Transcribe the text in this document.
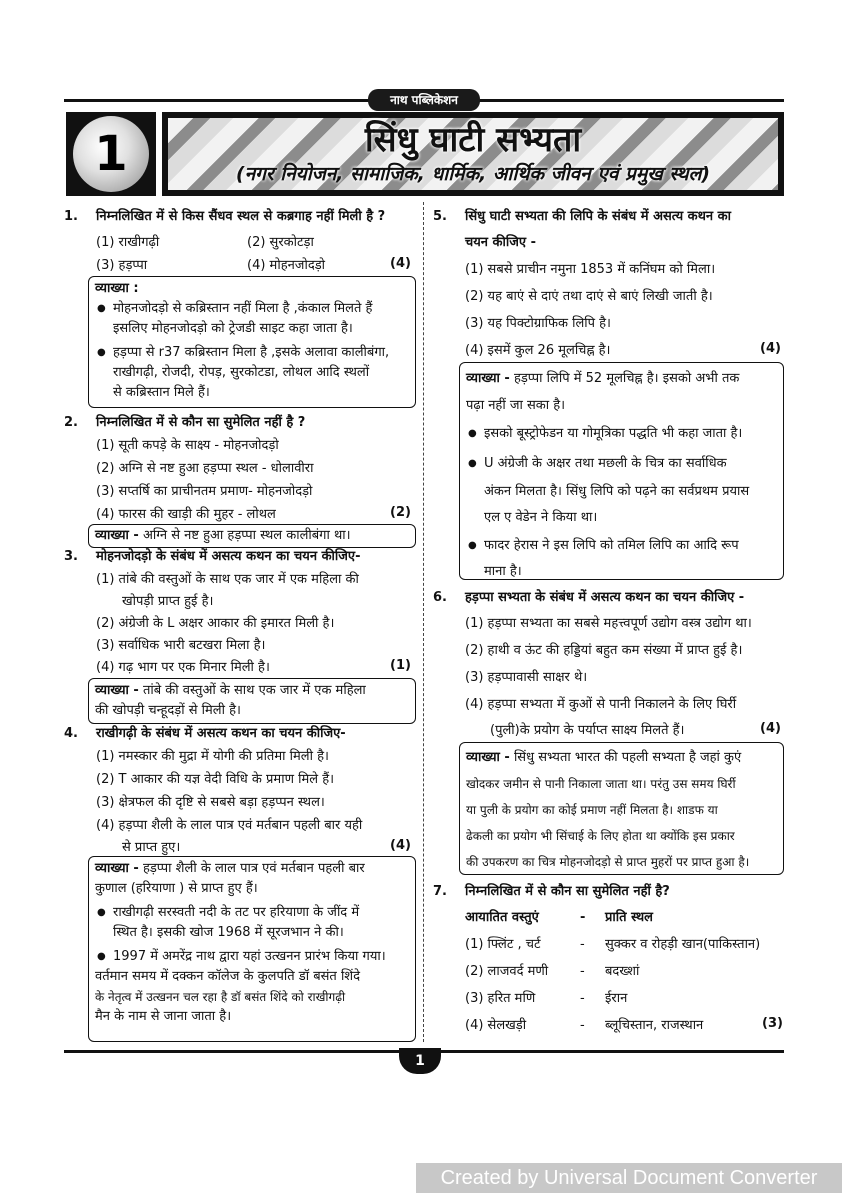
नाथ पब्लिकेशन
1	सिंधु घाटी सभ्यता
(नगर नियोजन, सामाजिक, धार्मिक, आर्थिक जीवन एवं प्रमुख स्थल)
1. निम्नलिखित में से किस सैंधव स्थल से कब्रगाह नहीं मिली है ?
(1) राखीगढ़ी	(2) सुरकोटड़ा
(3) हड़प्पा	(4) मोहनजोदड़ो	(4)
व्याख्या :
● मोहनजोदड़ो से कब्रिस्तान नहीं मिला है ,कंकाल मिलते हैं
इसलिए मोहनजोदड़ो को ट्रेजडी साइट कहा जाता है।
● हड़प्पा से r37 कब्रिस्तान मिला है ,इसके अलावा कालीबंगा,
राखीगढ़ी, रोजदी, रोपड़, सुरकोटडा, लोथल आदि स्थलों
से कब्रिस्तान मिले हैं।
2. निम्नलिखित में से कौन सा सुमेलित नहीं है ?
(1) सूती कपड़े के साक्ष्य - मोहनजोदड़ो
(2) अग्नि से नष्ट हुआ हड़प्पा स्थल - धोलावीरा
(3) सप्तर्षि का प्राचीनतम प्रमाण- मोहनजोदड़ो
(4) फारस की खाड़ी की मुहर - लोथल	(2)
व्याख्या - अग्नि से नष्ट हुआ हड़प्पा स्थल कालीबंगा था।
3. मोहनजोदड़ो के संबंध में असत्य कथन का चयन कीजिए-
(1) तांबे की वस्तुओं के साथ एक जार में एक महिला की
खोपड़ी प्राप्त हुई है।
(2) अंग्रेजी के L अक्षर आकार की इमारत मिली है।
(3) सर्वाधिक भारी बटखरा मिला है।
(4) गढ़ भाग पर एक मिनार मिली है।	(1)
व्याख्या - तांबे की वस्तुओं के साथ एक जार में एक महिला
की खोपड़ी चन्हूदड़ों से मिली है।
4. राखीगढ़ी के संबंध में असत्य कथन का चयन कीजिए-
(1) नमस्कार की मुद्रा में योगी की प्रतिमा मिली है।
(2) T आकार की यज्ञ वेदी विधि के प्रमाण मिले हैं।
(3) क्षेत्रफल की दृष्टि से सबसे बड़ा हड़प्पन स्थल।
(4) हड़प्पा शैली के लाल पात्र एवं मर्तबान पहली बार यही
से प्राप्त हुए।	(4)
व्याख्या - हड़प्पा शैली के लाल पात्र एवं मर्तबान पहली बार
कुणाल (हरियाणा ) से प्राप्त हुए हैं।
● राखीगढ़ी सरस्वती नदी के तट पर हरियाणा के जींद में
स्थित है। इसकी खोज 1968 में सूरजभान ने की।
● 1997 में अमरेंद्र नाथ द्वारा यहां उत्खनन प्रारंभ किया गया।
वर्तमान समय में दक्कन कॉलेज के कुलपति डॉ बसंत शिंदे
के नेतृत्व में उत्खनन चल रहा है डॉ बसंत शिंदे को राखीगढ़ी
मैन के नाम से जाना जाता है।
5. सिंधु घाटी सभ्यता की लिपि के संबंध में असत्य कथन का
चयन कीजिए -
(1) सबसे प्राचीन नमुना 1853 में कनिंघम को मिला।
(2) यह बाएं से दाएं तथा दाएं से बाएं लिखी जाती है।
(3) यह पिक्टोग्राफिक लिपि है।
(4) इसमें कुल 26 मूलचिह्न है।	(4)
व्याख्या - हड़प्पा लिपि में 52 मूलचिह्न है। इसको अभी तक
पढ़ा नहीं जा सका है।
● इसको बूस्ट्रोफेडन या गोमूत्रिका पद्धति भी कहा जाता है।
● U अंग्रेजी के अक्षर तथा मछली के चित्र का सर्वाधिक
अंकन मिलता है। सिंधु लिपि को पढ़ने का सर्वप्रथम प्रयास
एल ए वेडेन ने किया था।
● फादर हेरास ने इस लिपि को तमिल लिपि का आदि रूप
माना है।
6. हड़प्पा सभ्यता के संबंध में असत्य कथन का चयन कीजिए -
(1) हड़प्पा सभ्यता का सबसे महत्त्वपूर्ण उद्योग वस्त्र उद्योग था।
(2) हाथी व ऊंट की हड्डियां बहुत कम संख्या में प्राप्त हुई है।
(3) हड़प्पावासी साक्षर थे।
(4) हड़प्पा सभ्यता में कुओं से पानी निकालने के लिए घिर्री
(पुली)के प्रयोग के पर्याप्त साक्ष्य मिलते हैं।	(4)
व्याख्या - सिंधु सभ्यता भारत की पहली सभ्यता है जहां कुएं
खोदकर जमीन से पानी निकाला जाता था। परंतु उस समय घिर्री
या पुली के प्रयोग का कोई प्रमाण नहीं मिलता है। शाडफ या
ढेकली का प्रयोग भी सिंचाई के लिए होता था क्योंकि इस प्रकार
की उपकरण का चित्र मोहनजोदड़ो से प्राप्त मुहरों पर प्राप्त हुआ है।
7. निम्नलिखित में से कौन सा सुमेलित नहीं है?
आयातित वस्तुएं	- प्राति स्थल
(1) फ्लिंट , चर्ट	- सुक्कर व रोहड़ी खान(पाकिस्तान)
(2) लाजवर्द मणी - बदख्शां
(3) हरित मणि	- ईरान
(4) सेलखड़ी	- ब्लूचिस्तान, राजस्थान	(3)
1
Created by Universal Document Converter
